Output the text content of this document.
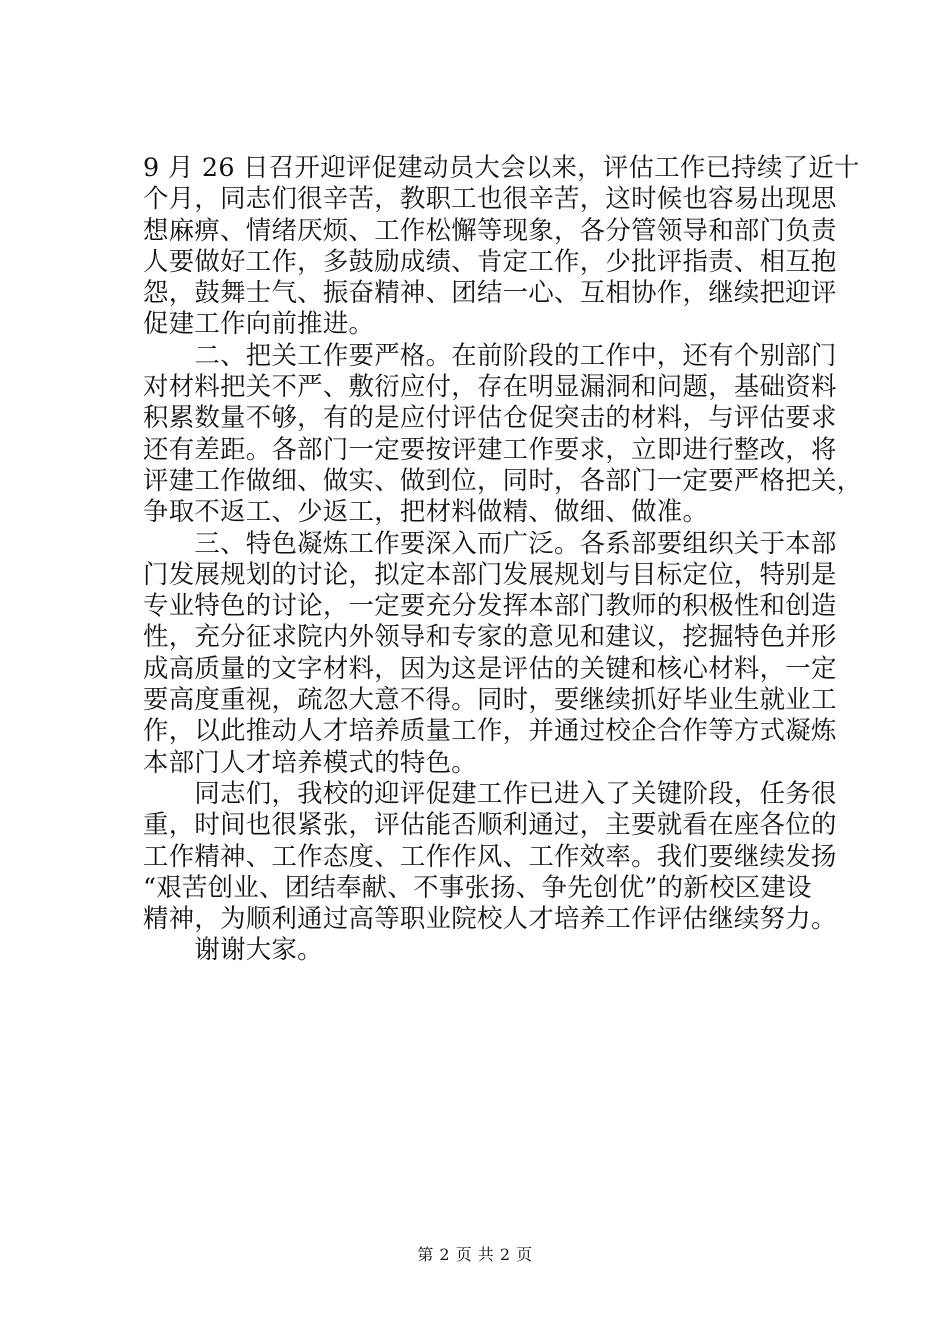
9 月 26 日召开迎评促建动员大会以来，评估工作已持续了近十
个月，同志们很辛苦，教职工也很辛苦，这时候也容易出现思
想麻痹、情绪厌烦、工作松懈等现象，各分管领导和部门负责
人要做好工作，多鼓励成绩、肯定工作，少批评指责、相互抱
怨，鼓舞士气、振奋精神、团结一心、互相协作，继续把迎评
促建工作向前推进。
　　二、把关工作要严格。在前阶段的工作中，还有个别部门
对材料把关不严、敷衍应付，存在明显漏洞和问题，基础资料
积累数量不够，有的是应付评估仓促突击的材料，与评估要求
还有差距。各部门一定要按评建工作要求，立即进行整改，将
评建工作做细、做实、做到位，同时，各部门一定要严格把关，
争取不返工、少返工，把材料做精、做细、做准。
　　三、特色凝炼工作要深入而广泛。各系部要组织关于本部
门发展规划的讨论，拟定本部门发展规划与目标定位，特别是
专业特色的讨论，一定要充分发挥本部门教师的积极性和创造
性，充分征求院内外领导和专家的意见和建议，挖掘特色并形
成高质量的文字材料，因为这是评估的关键和核心材料，一定
要高度重视，疏忽大意不得。同时，要继续抓好毕业生就业工
作，以此推动人才培养质量工作，并通过校企合作等方式凝炼
本部门人才培养模式的特色。
　　同志们，我校的迎评促建工作已进入了关键阶段，任务很
重，时间也很紧张，评估能否顺利通过，主要就看在座各位的
工作精神、工作态度、工作作风、工作效率。我们要继续发扬
“艰苦创业、团结奉献、不事张扬、争先创优”的新校区建设
精神，为顺利通过高等职业院校人才培养工作评估继续努力。
　　谢谢大家。
第 2 页 共 2 页
